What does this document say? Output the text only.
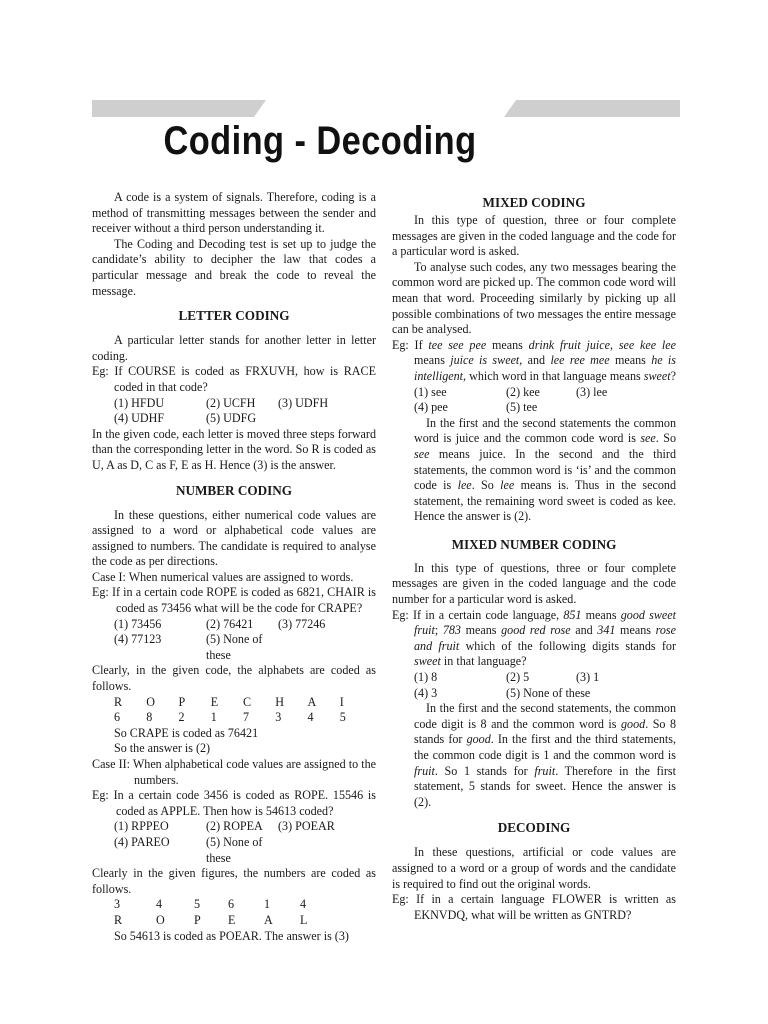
Coding - Decoding

A code is a system of signals. Therefore, coding is a method of transmitting messages between the sender and receiver without a third person understanding it.

The Coding and Decoding test is set up to judge the candidate’s ability to decipher the law that codes a particular message and break the code to reveal the message.

LETTER CODING

A particular letter stands for another letter in letter coding.

Eg: If COURSE is coded as FRXUVH, how is RACE coded in that code?

(1) HFDU	(2) UCFH	(3) UDFH
(4) UDHF	(5) UDFG

In the given code, each letter is moved three steps forward than the corresponding letter in the word. So R is coded as U, A as D, C as F, E as H. Hence (3) is the answer.

NUMBER CODING

In these questions, either numerical code values are assigned to a word or alphabetical code values are assigned to numbers. The candidate is required to analyse the code as per directions.

Case I: When numerical values are assigned to words.

Eg: If in a certain code ROPE is coded as 6821, CHAIR is coded as 73456 what will be the code for CRAPE?

(1) 73456	(2) 76421	(3) 77246
(4) 77123	(5) None of these

Clearly, in the given code, the alphabets are coded as follows.

R	O	P	E	C	H	A	I
6	8	2	1	7	3	4	5

So CRAPE is coded as 76421

So the answer is (2)

Case II: When alphabetical code values are assigned to the numbers.

Eg: In a certain code 3456 is coded as ROPE. 15546 is coded as APPLE. Then how is 54613 coded?

(1) RPPEO	(2) ROPEA	(3) POEAR
(4) PAREO	(5) None of these

Clearly in the given figures, the numbers are coded as follows.

3	4	5	6	1	4
R	O	P	E	A	L

So 54613 is coded as POEAR. The answer is (3)

MIXED CODING

In this type of question, three or four complete messages are given in the coded language and the code for a particular word is asked.

To analyse such codes, any two messages bearing the common word are picked up. The common code word will mean that word. Proceeding similarly by picking up all possible combinations of two messages the entire message can be analysed.

Eg: If tee see pee means drink fruit juice, see kee lee means juice is sweet, and lee ree mee means he is intelligent, which word in that language means sweet?

(1) see	(2) kee	(3) lee
(4) pee	(5) tee

In the first and the second statements the common word is juice and the common code word is see. So see means juice. In the second and the third statements, the common word is ‘is’ and the common code is lee. So lee means is. Thus in the second statement, the remaining word sweet is coded as kee. Hence the answer is (2).

MIXED NUMBER CODING

In this type of questions, three or four complete messages are given in the coded language and the code number for a particular word is asked.

Eg: If in a certain code language, 851 means good sweet fruit; 783 means good red rose and 341 means rose and fruit which of the following digits stands for sweet in that language?

(1) 8	(2) 5	(3) 1
(4) 3	(5) None of these

In the first and the second statements, the common code digit is 8 and the common word is good. So 8 stands for good. In the first and the third statements, the common code digit is 1 and the common word is fruit. So 1 stands for fruit. Therefore in the first statement, 5 stands for sweet. Hence the answer is (2).

DECODING

In these questions, artificial or code values are assigned to a word or a group of words and the candidate is required to find out the original words.

Eg: If in a certain language FLOWER is written as EKNVDQ, what will be written as GNTRD?
